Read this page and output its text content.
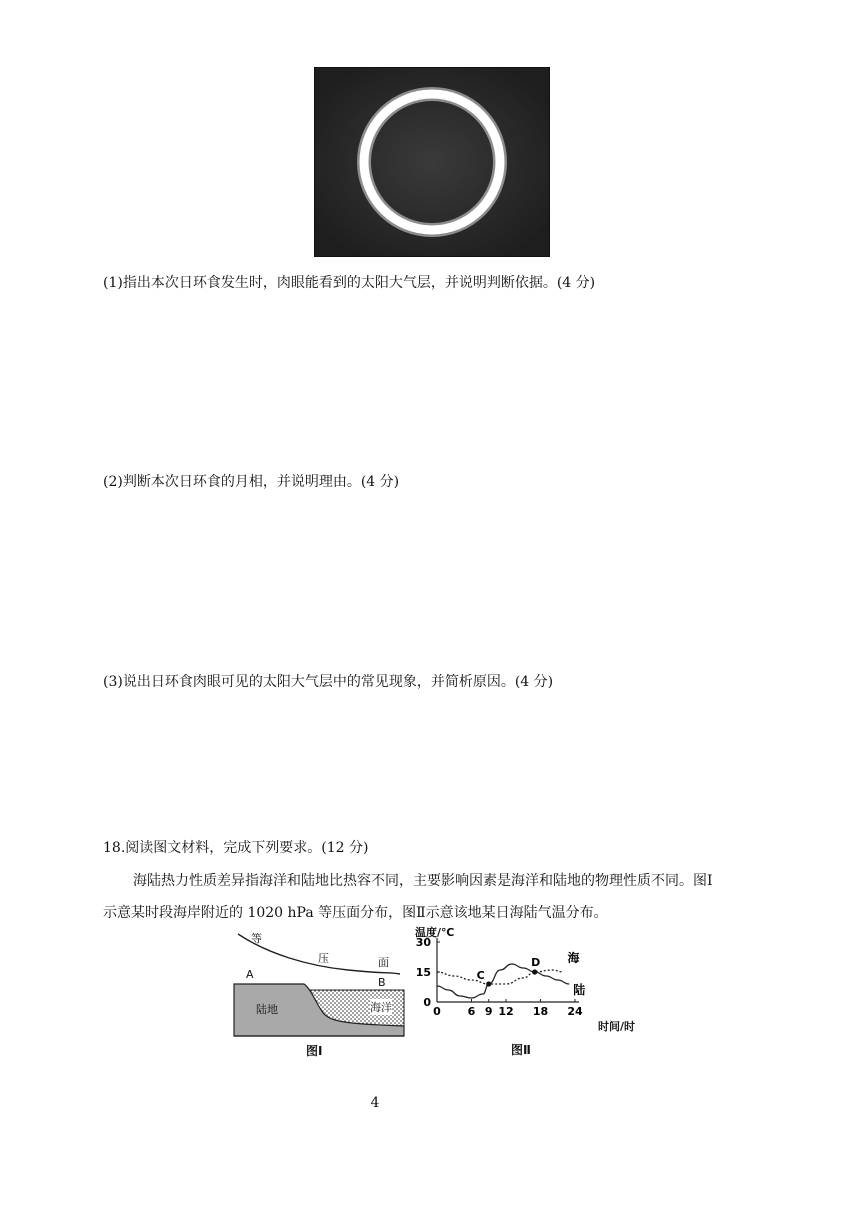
(1)指出本次日环食发生时，肉眼能看到的太阳大气层，并说明判断依据。(4 分)
(2)判断本次日环食的月相，并说明理由。(4 分)
(3)说出日环食肉眼可见的太阳大气层中的常见现象，并简析原因。(4 分)
18.阅读图文材料，完成下列要求。(12 分)
海陆热力性质差异指海洋和陆地比热容不同，主要影响因素是海洋和陆地的物理性质不同。图Ⅰ
示意某时段海岸附近的 1020 hPa 等压面分布，图Ⅱ示意该地某日海陆气温分布。
等
压	面
A
B
陆地	海洋
图Ⅰ
0 6 9 12 18 24
30
15
0
海
陆
C
D
温度/℃
时间/时
图Ⅱ
4
